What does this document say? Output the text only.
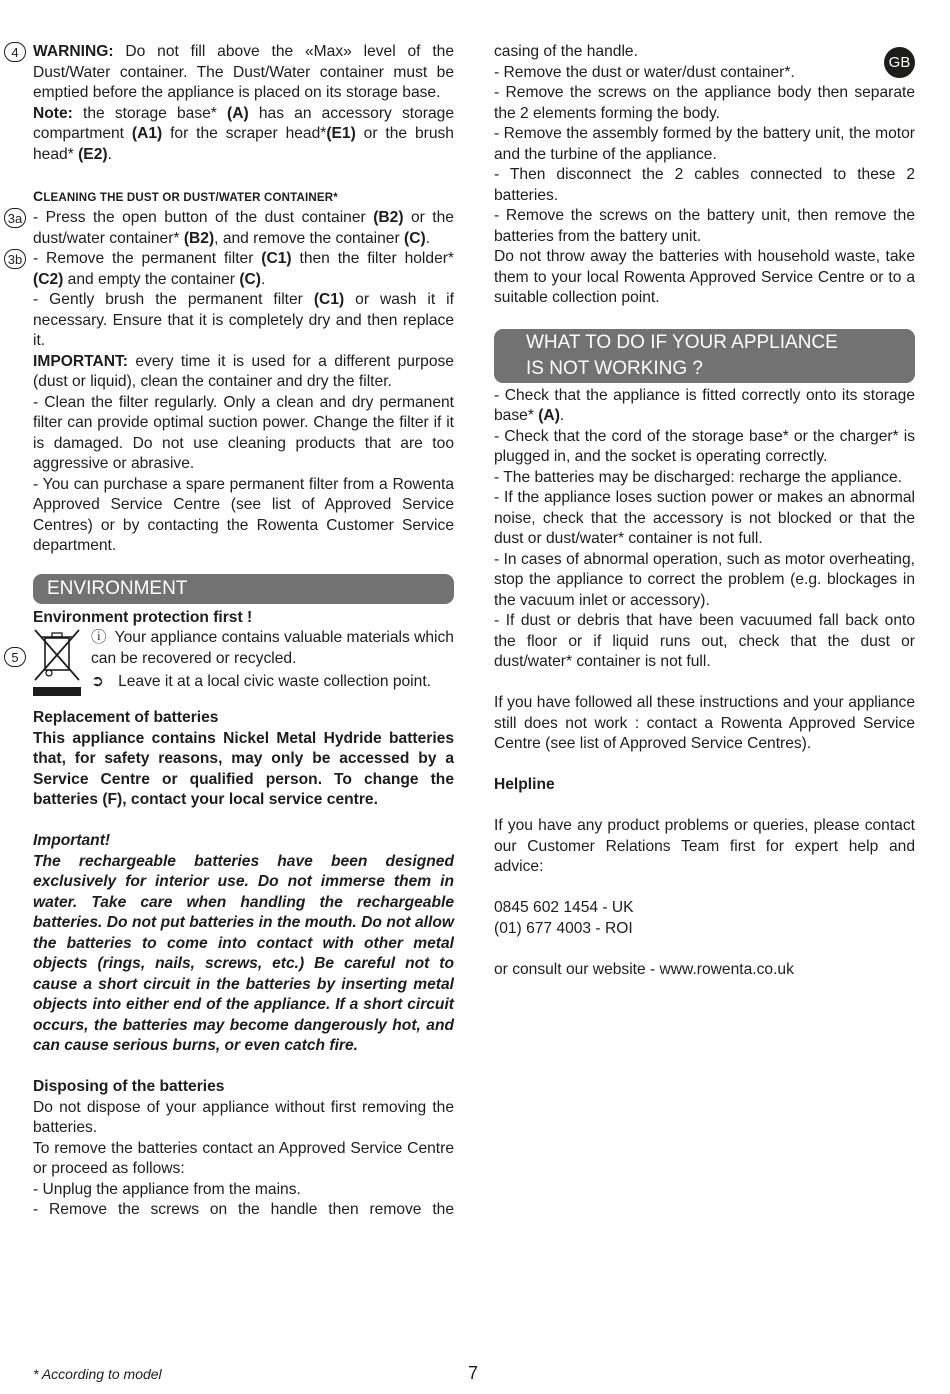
GB
4 WARNING: Do not fill above the «Max» level of the Dust/Water container. The Dust/Water container must be emptied before the appliance is placed on its storage base.

Note: the storage base* (A) has an accessory storage compartment (A1) for the scraper head*(E1) or the brush head* (E2).

CLEANING THE DUST OR DUST/WATER CONTAINER*

3a - Press the open button of the dust container (B2) or the dust/water container* (B2), and remove the container (C).

3b - Remove the permanent filter (C1) then the filter holder* (C2) and empty the container (C).

- Gently brush the permanent filter (C1) or wash it if necessary. Ensure that it is completely dry and then replace it.

IMPORTANT: every time it is used for a different purpose (dust or liquid), clean the container and dry the filter.

- Clean the filter regularly. Only a clean and dry permanent filter can provide optimal suction power. Change the filter if it is damaged. Do not use cleaning products that are too aggressive or abrasive.

- You can purchase a spare permanent filter from a Rowenta Approved Service Centre (see list of Approved Service Centres) or by contacting the Rowenta Customer Service department.

ENVIRONMENT

Environment protection first !

5

ⓘ Your appliance contains valuable materials which can be recovered or recycled.

➲ Leave it at a local civic waste collection point.

Replacement of batteries

This appliance contains Nickel Metal Hydride batteries that, for safety reasons, may only be accessed by a Service Centre or qualified person. To change the batteries (F), contact your local service centre.

Important!

The rechargeable batteries have been designed exclusively for interior use. Do not immerse them in water. Take care when handling the rechargeable batteries. Do not put batteries in the mouth. Do not allow the batteries to come into contact with other metal objects (rings, nails, screws, etc.) Be careful not to cause a short circuit in the batteries by inserting metal objects into either end of the appliance. If a short circuit occurs, the batteries may become dangerously hot, and can cause serious burns, or even catch fire.

Disposing of the batteries

Do not dispose of your appliance without first removing the batteries.

To remove the batteries contact an Approved Service Centre or proceed as follows:

- Unplug the appliance from the mains.

- Remove the screws on the handle then remove the

casing of the handle.

- Remove the dust or water/dust container*.

- Remove the screws on the appliance body then separate the 2 elements forming the body.

- Remove the assembly formed by the battery unit, the motor and the turbine of the appliance.

- Then disconnect the 2 cables connected to these 2 batteries.

- Remove the screws on the battery unit, then remove the batteries from the battery unit.

Do not throw away the batteries with household waste, take them to your local Rowenta Approved Service Centre or to a suitable collection point.

WHAT TO DO IF YOUR APPLIANCE
IS NOT WORKING ?

- Check that the appliance is fitted correctly onto its storage base* (A).

- Check that the cord of the storage base* or the charger* is plugged in, and the socket is operating correctly.

- The batteries may be discharged: recharge the appliance.

- If the appliance loses suction power or makes an abnormal noise, check that the accessory is not blocked or that the dust or dust/water* container is not full.

- In cases of abnormal operation, such as motor overheating, stop the appliance to correct the problem (e.g. blockages in the vacuum inlet or accessory).

- If dust or debris that have been vacuumed fall back onto the floor or if liquid runs out, check that the dust or dust/water* container is not full.

If you have followed all these instructions and your appliance still does not work : contact a Rowenta Approved Service Centre (see list of Approved Service Centres).

Helpline

If you have any product problems or queries, please contact our Customer Relations Team first for expert help and advice:

0845 602 1454 - UK

(01) 677 4003 - ROI

or consult our website - www.rowenta.co.uk

* According to model	7
